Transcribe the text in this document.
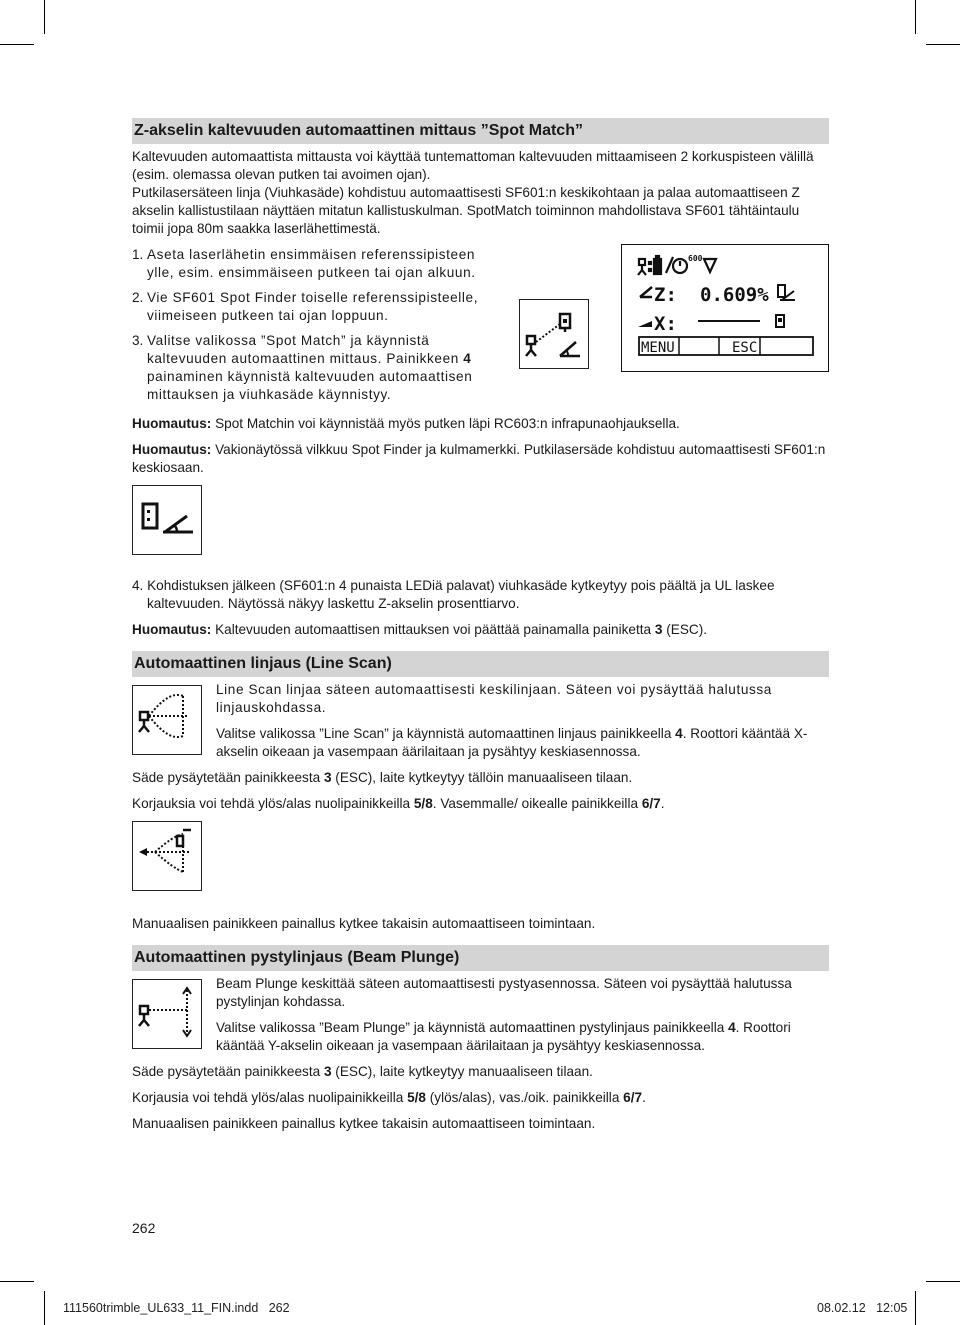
Z-akselin kaltevuuden automaattinen mittaus ”Spot Match”
Kaltevuuden automaattista mittausta voi käyttää tuntemattoman kaltevuuden mittaamiseen 2 korkuspisteen välillä (esim. olemassa olevan putken tai avoimen ojan).
Putkilasersäteen linja (Viuhkasäde) kohdistuu automaattisesti SF601:n keskikohtaan ja palaa automaattiseen Z akselin kallistustilaan näyttäen mitatun kallistuskulman. SpotMatch toiminnon mahdollistava SF601 tähtäintaulu toimii jopa 80m saakka laserlähettimestä.
1. Aseta laserlähetin ensimmäisen referenssipisteen ylle, esim. ensimmäiseen putkeen tai ojan alkuun.
2. Vie SF601 Spot Finder toiselle referenssipisteelle, viimeiseen putkeen tai ojan loppuun.
3. Valitse valikossa ”Spot Match” ja käynnistä kaltevuuden automaattinen mittaus. Painikkeen 4 painaminen käynnistä kaltevuuden automaattisen mittauksen ja viuhkasäde käynnistyy.
600
Z: 0.609%
X:
MENU	ESC
Huomautus: Spot Matchin voi käynnistää myös putken läpi RC603:n infrapunaohjauksella.
Huomautus: Vakionäytössä vilkkuu Spot Finder ja kulmamerkki. Putkilasersäde kohdistuu automaattisesti SF601:n keskiosaan.
4. Kohdistuksen jälkeen (SF601:n 4 punaista LEDiä palavat) viuhkasäde kytkeytyy pois päältä ja UL laskee kaltevuuden. Näytössä näkyy laskettu Z-akselin prosenttiarvo.
Huomautus: Kaltevuuden automaattisen mittauksen voi päättää painamalla painiketta 3 (ESC).
Automaattinen linjaus (Line Scan)
Line Scan linjaa säteen automaattisesti keskilinjaan. Säteen voi pysäyttää halutussa linjauskohdassa.
Valitse valikossa ”Line Scan” ja käynnistä automaattinen linjaus painikkeella 4. Roottori kääntää X-akselin oikeaan ja vasempaan äärilaitaan ja pysähtyy keskiasennossa.
Säde pysäytetään painikkeesta 3 (ESC), laite kytkeytyy tällöin manuaaliseen tilaan.
Korjauksia voi tehdä ylös/alas nuolipainikkeilla 5/8. Vasemmalle/ oikealle painikkeilla 6/7.
Manuaalisen painikkeen painallus kytkee takaisin automaattiseen toimintaan.
Automaattinen pystylinjaus (Beam Plunge)
Beam Plunge keskittää säteen automaattisesti pystyasennossa. Säteen voi pysäyttää halutussa pystylinjan kohdassa.
Valitse valikossa ”Beam Plunge” ja käynnistä automaattinen pystylinjaus painikkeella 4. Roottori kääntää Y-akselin oikeaan ja vasempaan äärilaitaan ja pysähtyy keskiasennossa.
Säde pysäytetään painikkeesta 3 (ESC), laite kytkeytyy manuaaliseen tilaan.
Korjausia voi tehdä ylös/alas nuolipainikkeilla 5/8 (ylös/alas), vas./oik. painikkeilla 6/7.
Manuaalisen painikkeen painallus kytkee takaisin automaattiseen toimintaan.
262
111560trimble_UL633_11_FIN.indd   262	08.02.12   12:05
